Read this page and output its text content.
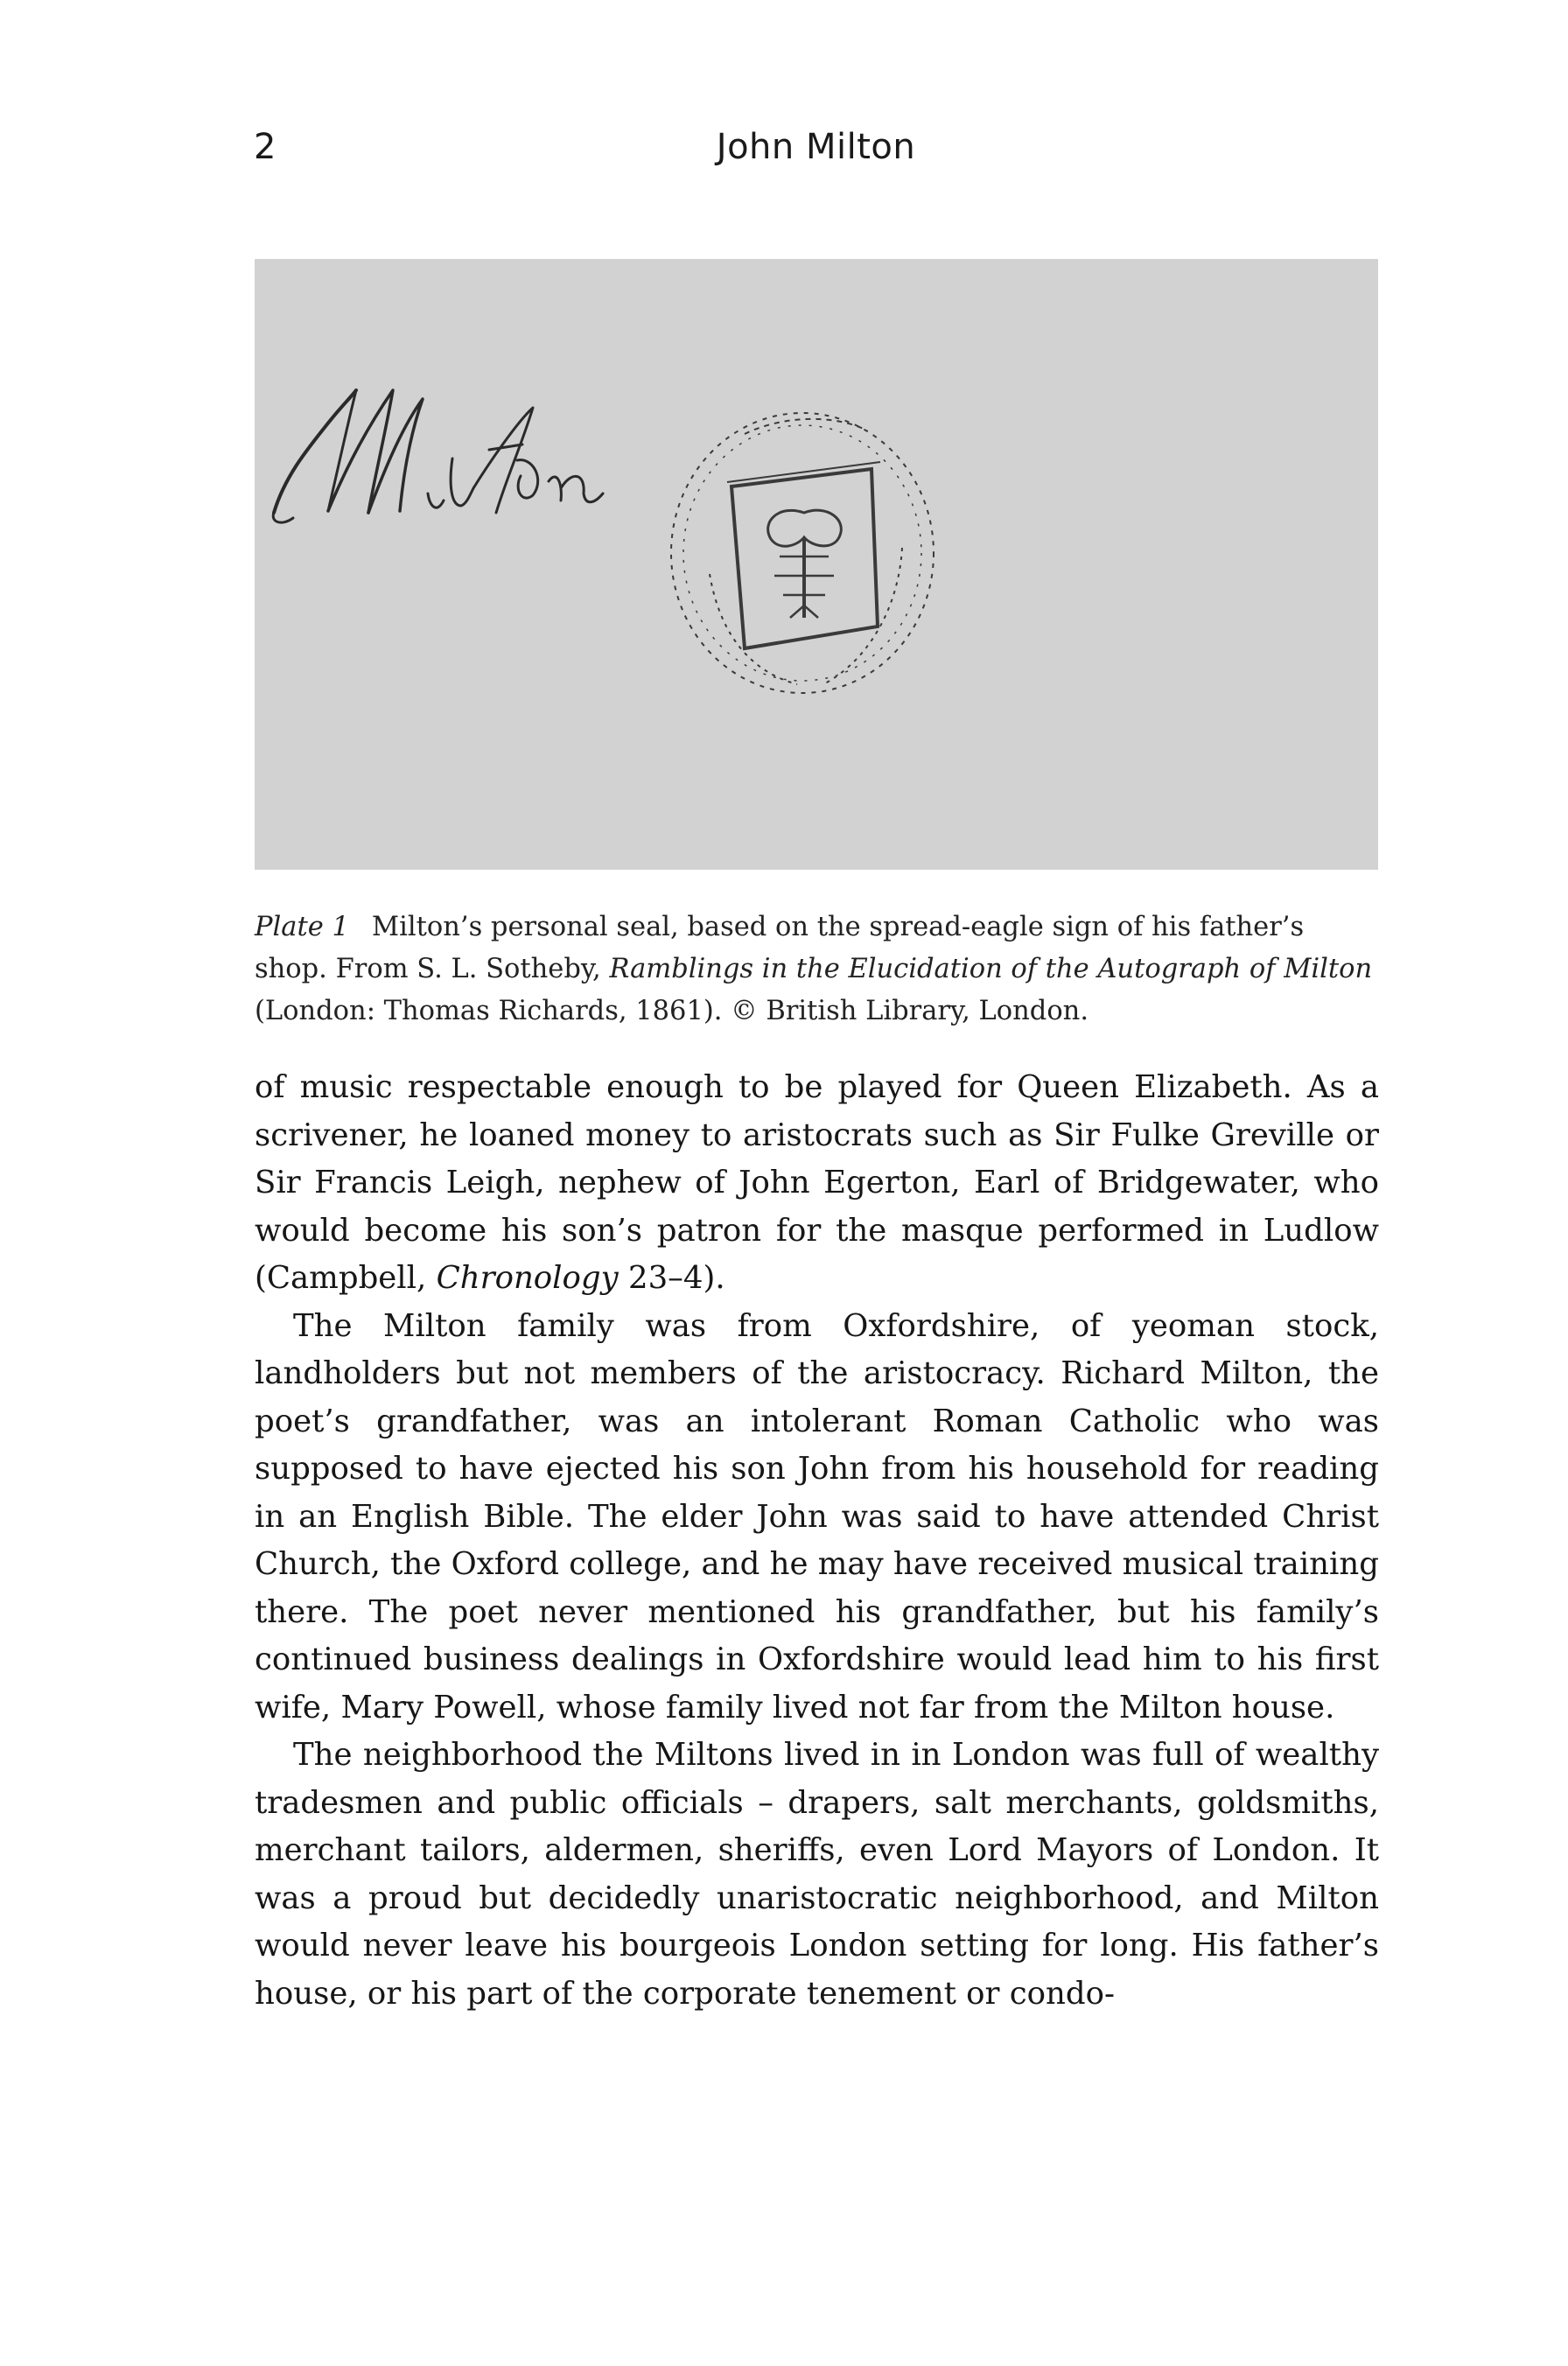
2	John Milton

Plate 1 Milton’s personal seal, based on the spread-eagle sign of his father’s shop. From S. L. Sotheby, Ramblings in the Elucidation of the Autograph of Milton (London: Thomas Richards, 1861). © British Library, London.

of music respectable enough to be played for Queen Elizabeth. As a scrivener, he loaned money to aristocrats such as Sir Fulke Greville or Sir Francis Leigh, nephew of John Egerton, Earl of Bridgewater, who would become his son’s patron for the masque performed in Ludlow (Campbell, Chronology 23–4).

The Milton family was from Oxfordshire, of yeoman stock, landholders but not members of the aristocracy. Richard Milton, the poet’s grandfather, was an intolerant Roman Catholic who was supposed to have ejected his son John from his household for reading in an English Bible. The elder John was said to have attended Christ Church, the Oxford college, and he may have received musical training there. The poet never mentioned his grandfather, but his family’s continued business dealings in Oxfordshire would lead him to his first wife, Mary Powell, whose family lived not far from the Milton house.

The neighborhood the Miltons lived in in London was full of wealthy tradesmen and public officials – drapers, salt merchants, goldsmiths, merchant tailors, aldermen, sheriffs, even Lord Mayors of London. It was a proud but decidedly unaristocratic neighborhood, and Milton would never leave his bourgeois London setting for long. His father’s house, or his part of the corporate tenement or condo-
